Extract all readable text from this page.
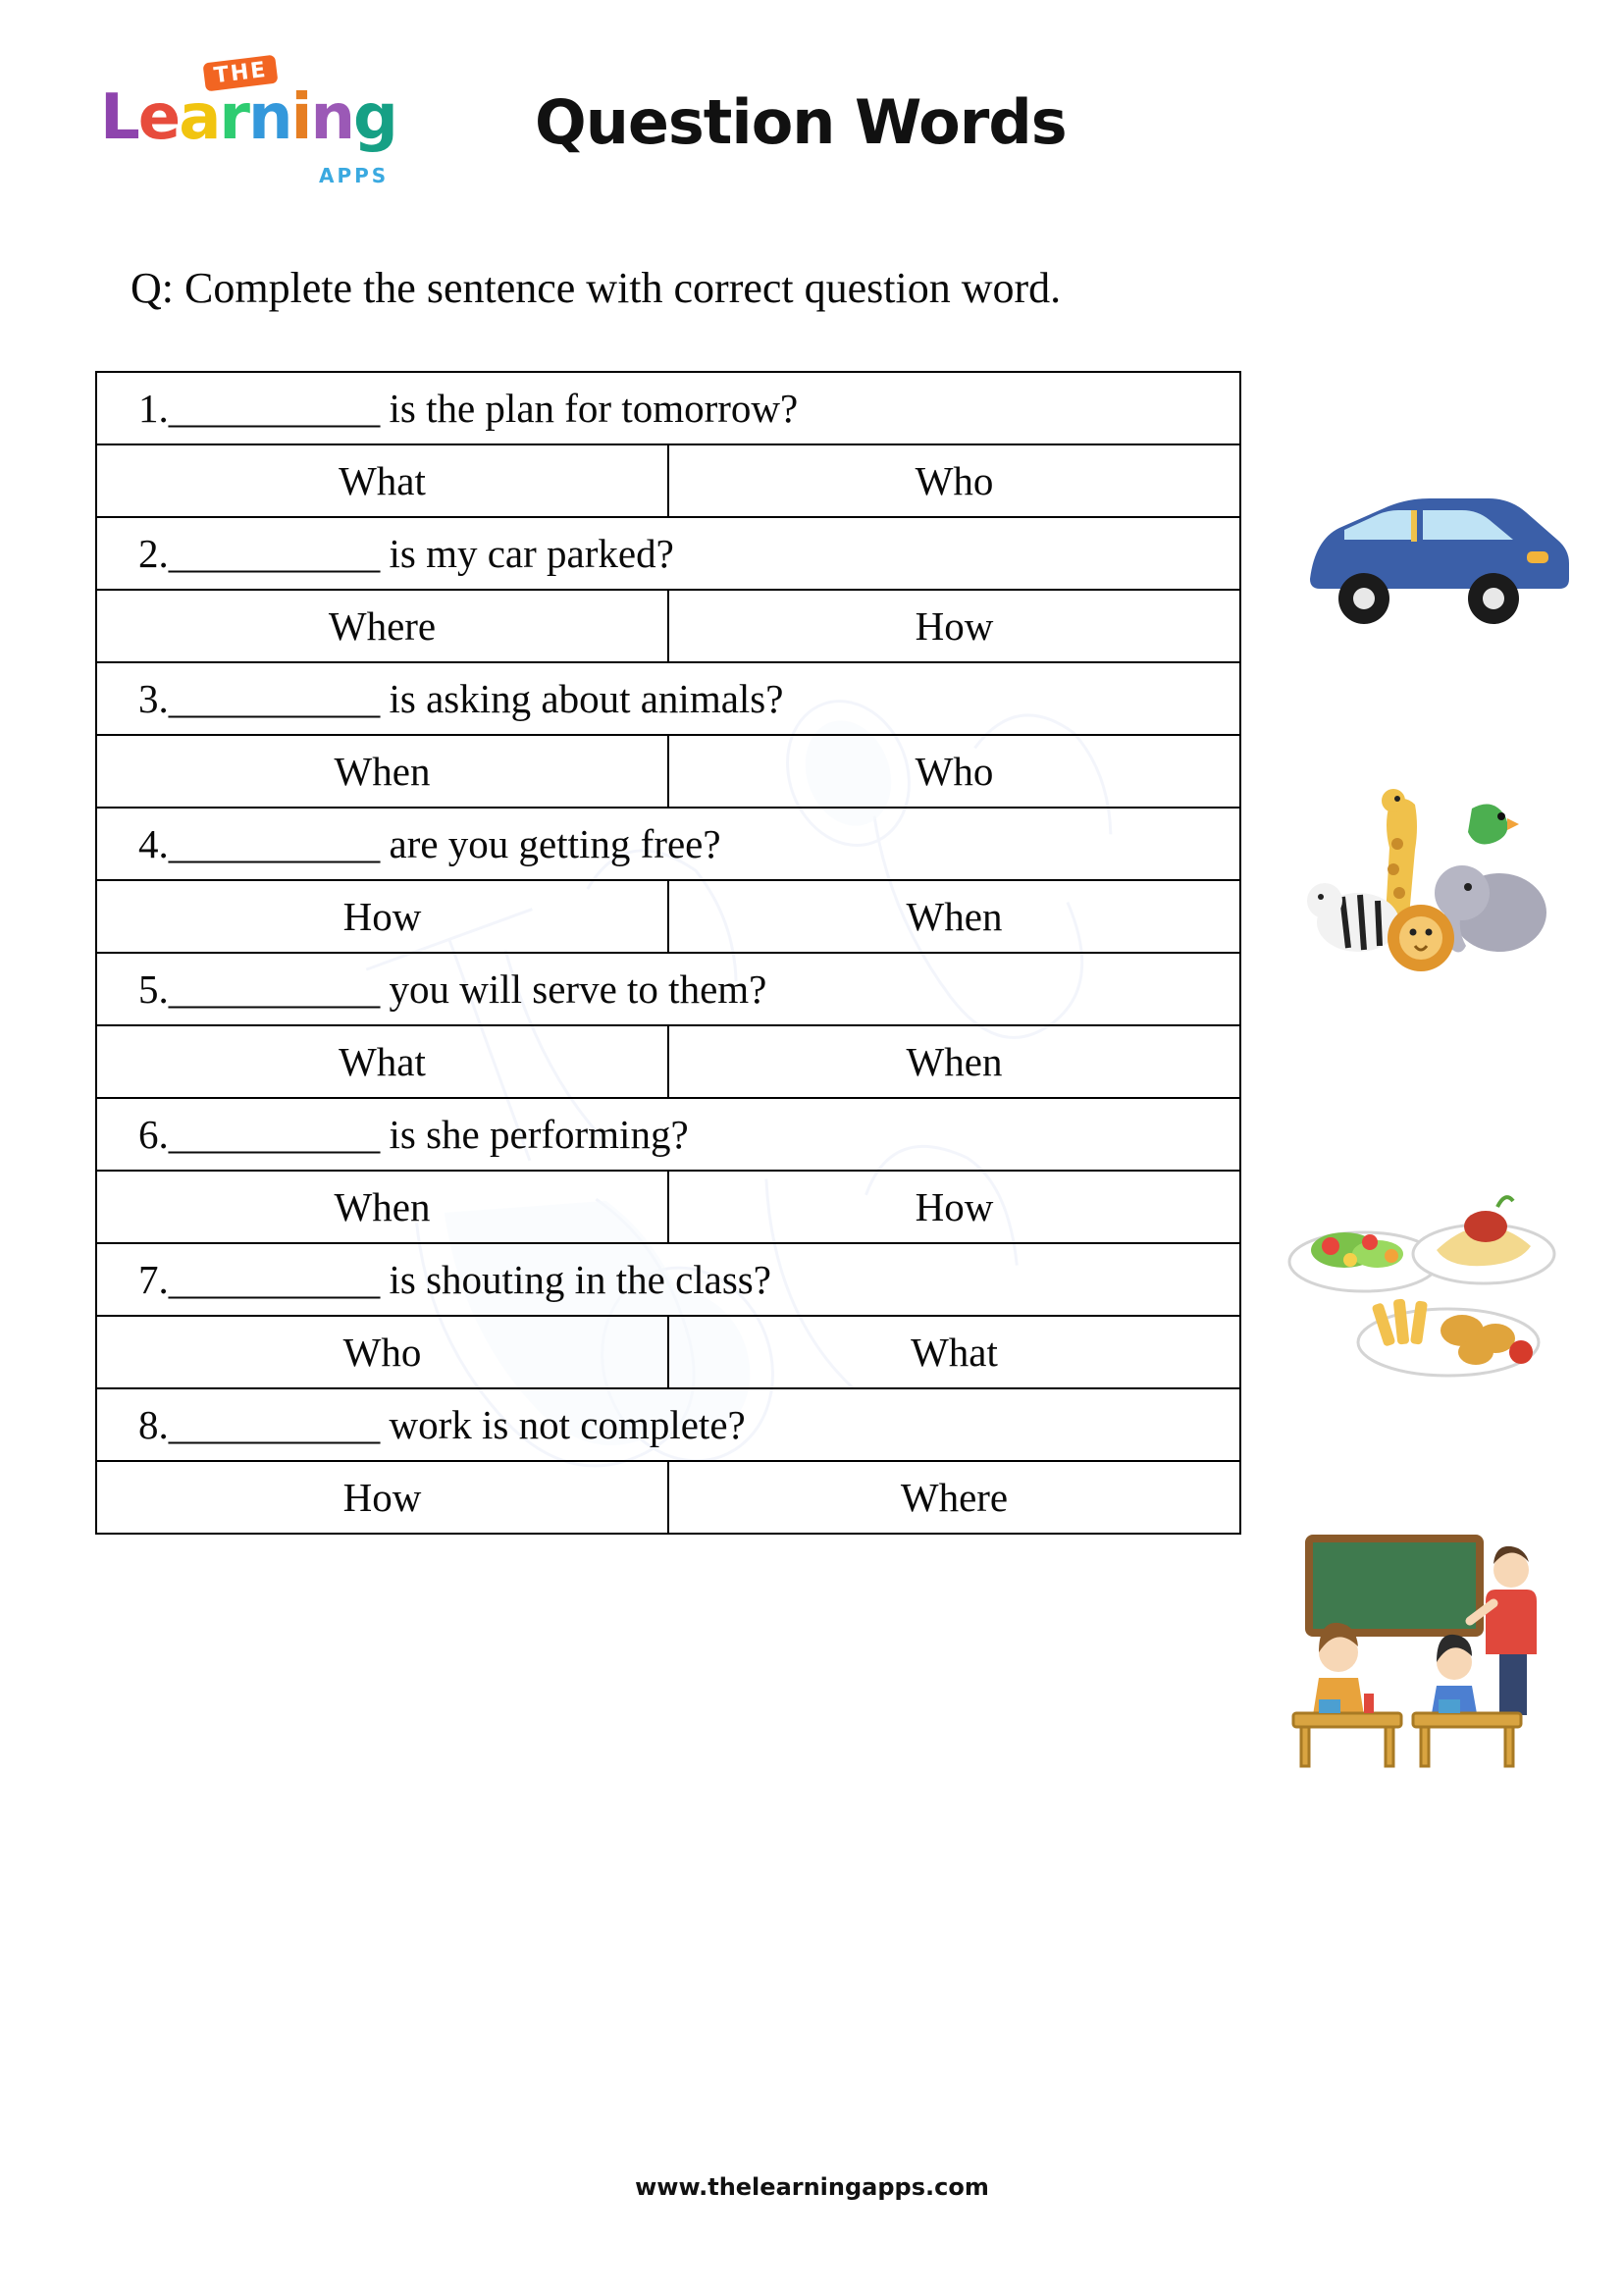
THE
Learning
APPS
Question Words
Q: Complete the sentence with correct question word.
1.___________ is the plan for tomorrow?	
What	Who
2.___________ is my car parked?	
Where	How
3.___________ is asking about animals?	
When	Who
4.___________ are you getting free?	
How	When
5.___________ you will serve to them?	
What	When
6.___________ is she performing?	
When	How
7.___________ is shouting in the class?	
Who	What
8.___________ work is not complete?	
How	Where
www.thelearningapps.com
